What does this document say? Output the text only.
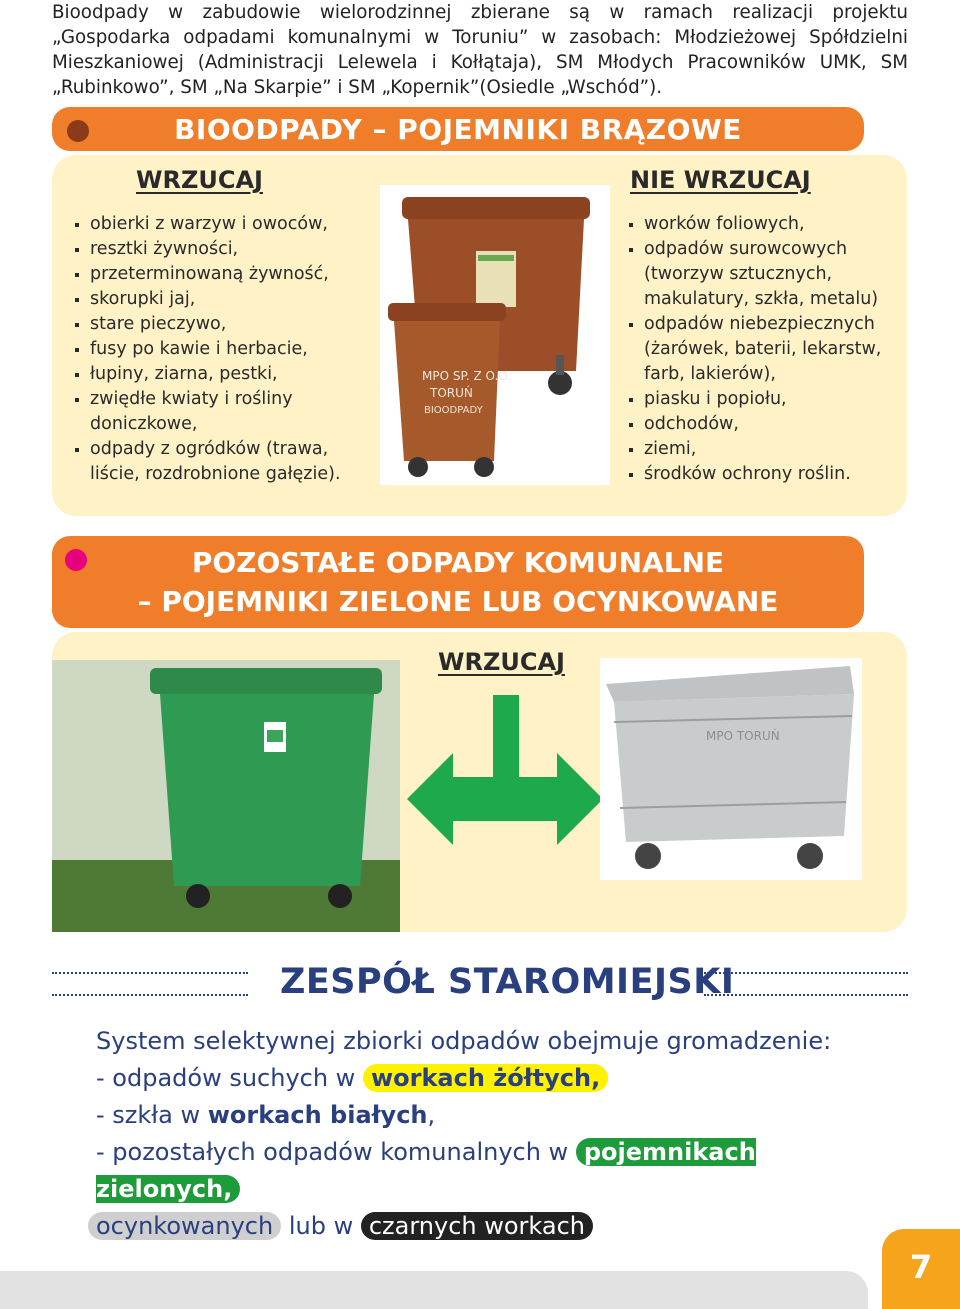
Bioodpady w zabudowie wielorodzinnej zbierane są w ramach realizacji projektu „Gospodarka odpadami komunalnymi w Toruniu” w zasobach: Młodzieżowej Spółdzielni Mieszkaniowej (Administracji Lelewela i Kołłątaja), SM Młodych Pracowników UMK, SM „Rubinkowo”, SM „Na Skarpie” i SM „Kopernik”(Osiedle „Wschód”).
BIOODPADY – POJEMNIKI BRĄZOWE
WRZUCAJ	NIE WRZUCAJ
obierki z warzyw i owoców,
resztki żywności,
przeterminowaną żywność,
skorupki jaj,
stare pieczywo,
fusy po kawie i herbacie,
łupiny, ziarna, pestki,
zwiędłe kwiaty i rośliny doniczkowe,
odpady z ogródków (trawa, liście, rozdrobnione gałęzie).
worków foliowych,
odpadów surowcowych (tworzyw sztucznych, makulatury, szkła, metalu)
odpadów niebezpiecznych (żarówek, baterii, lekarstw, farb, lakierów),
piasku i popiołu,
odchodów,
ziemi,
środków ochrony roślin.
MPO SP. Z O.O.
TORUŃ
BIOODPADY
POZOSTAŁE ODPADY KOMUNALNE
– POJEMNIKI ZIELONE LUB OCYNKOWANE
WRZUCAJ
MPO TORUŃ
ZESPÓŁ STAROMIEJSKI
System selektywnej zbiorki odpadów obejmuje gromadzenie:
- odpadów suchych w workach żółtych,
- szkła w workach białych,
- pozostałych odpadów komunalnych w pojemnikach zielonych,
ocynkowanych lub w czarnych workach
7
